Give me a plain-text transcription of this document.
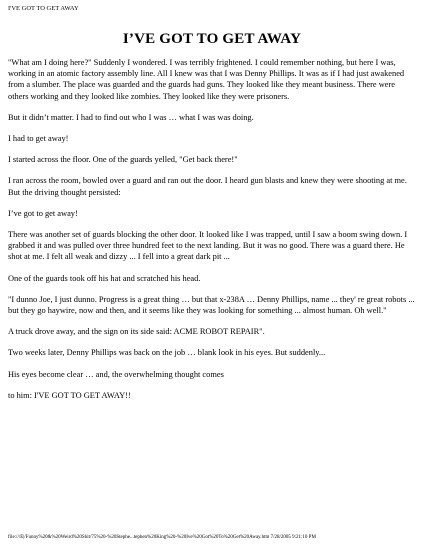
I'VE GOT TO GET AWAY
I’VE GOT TO GET AWAY

"What am I doing here?" Suddenly I wondered. I was terribly frightened. I could remember nothing, but here I was, working in an atomic factory assembly line. All I knew was that I was Denny Phillips. It was as if I had just awakened from a slumber. The place was guarded and the guards had guns. They looked like they meant business. There were others working and they looked like zombies. They looked like they were prisoners.

But it didn’t matter. I had to find out who I was … what I was was doing.

I had to get away!

I started across the floor. One of the guards yelled, "Get back there!"

I ran across the room, bowled over a guard and ran out the door. I heard gun blasts and knew they were shooting at me. But the driving thought persisted:

I’ve got to get away!

There was another set of guards blocking the other door. It looked like I was trapped, until I saw a boom swing down. I grabbed it and was pulled over three hundred feet to the next landing. But it was no good. There was a guard there. He shot at me. I felt all weak and dizzy ... I fell into a great dark pit ...

One of the guards took off his hat and scratched his head.

"I dunno Joe, I just dunno. Progress is a great thing … but that x-238A … Denny Phillips, name ... they' re great robots ... but they go haywire, now and then, and it seems like they was looking for something ... almost human. Oh well."

A truck drove away, and the sign on its side said: ACME ROBOT REPAIR".

Two weeks later, Denny Phillips was back on the job … blank look in his eyes. But suddenly...

His eyes become clear … and, the overwhelming thought comes

to him: I'VE GOT TO GET AWAY!!

file:///E|/Funny%20&%20Weird%20Shit/75%20-%20Stephe...tephen%20King%20-%20Ive%20Got%20To%20Get%20Away.htm 7/28/2005 9:21:10 PM
